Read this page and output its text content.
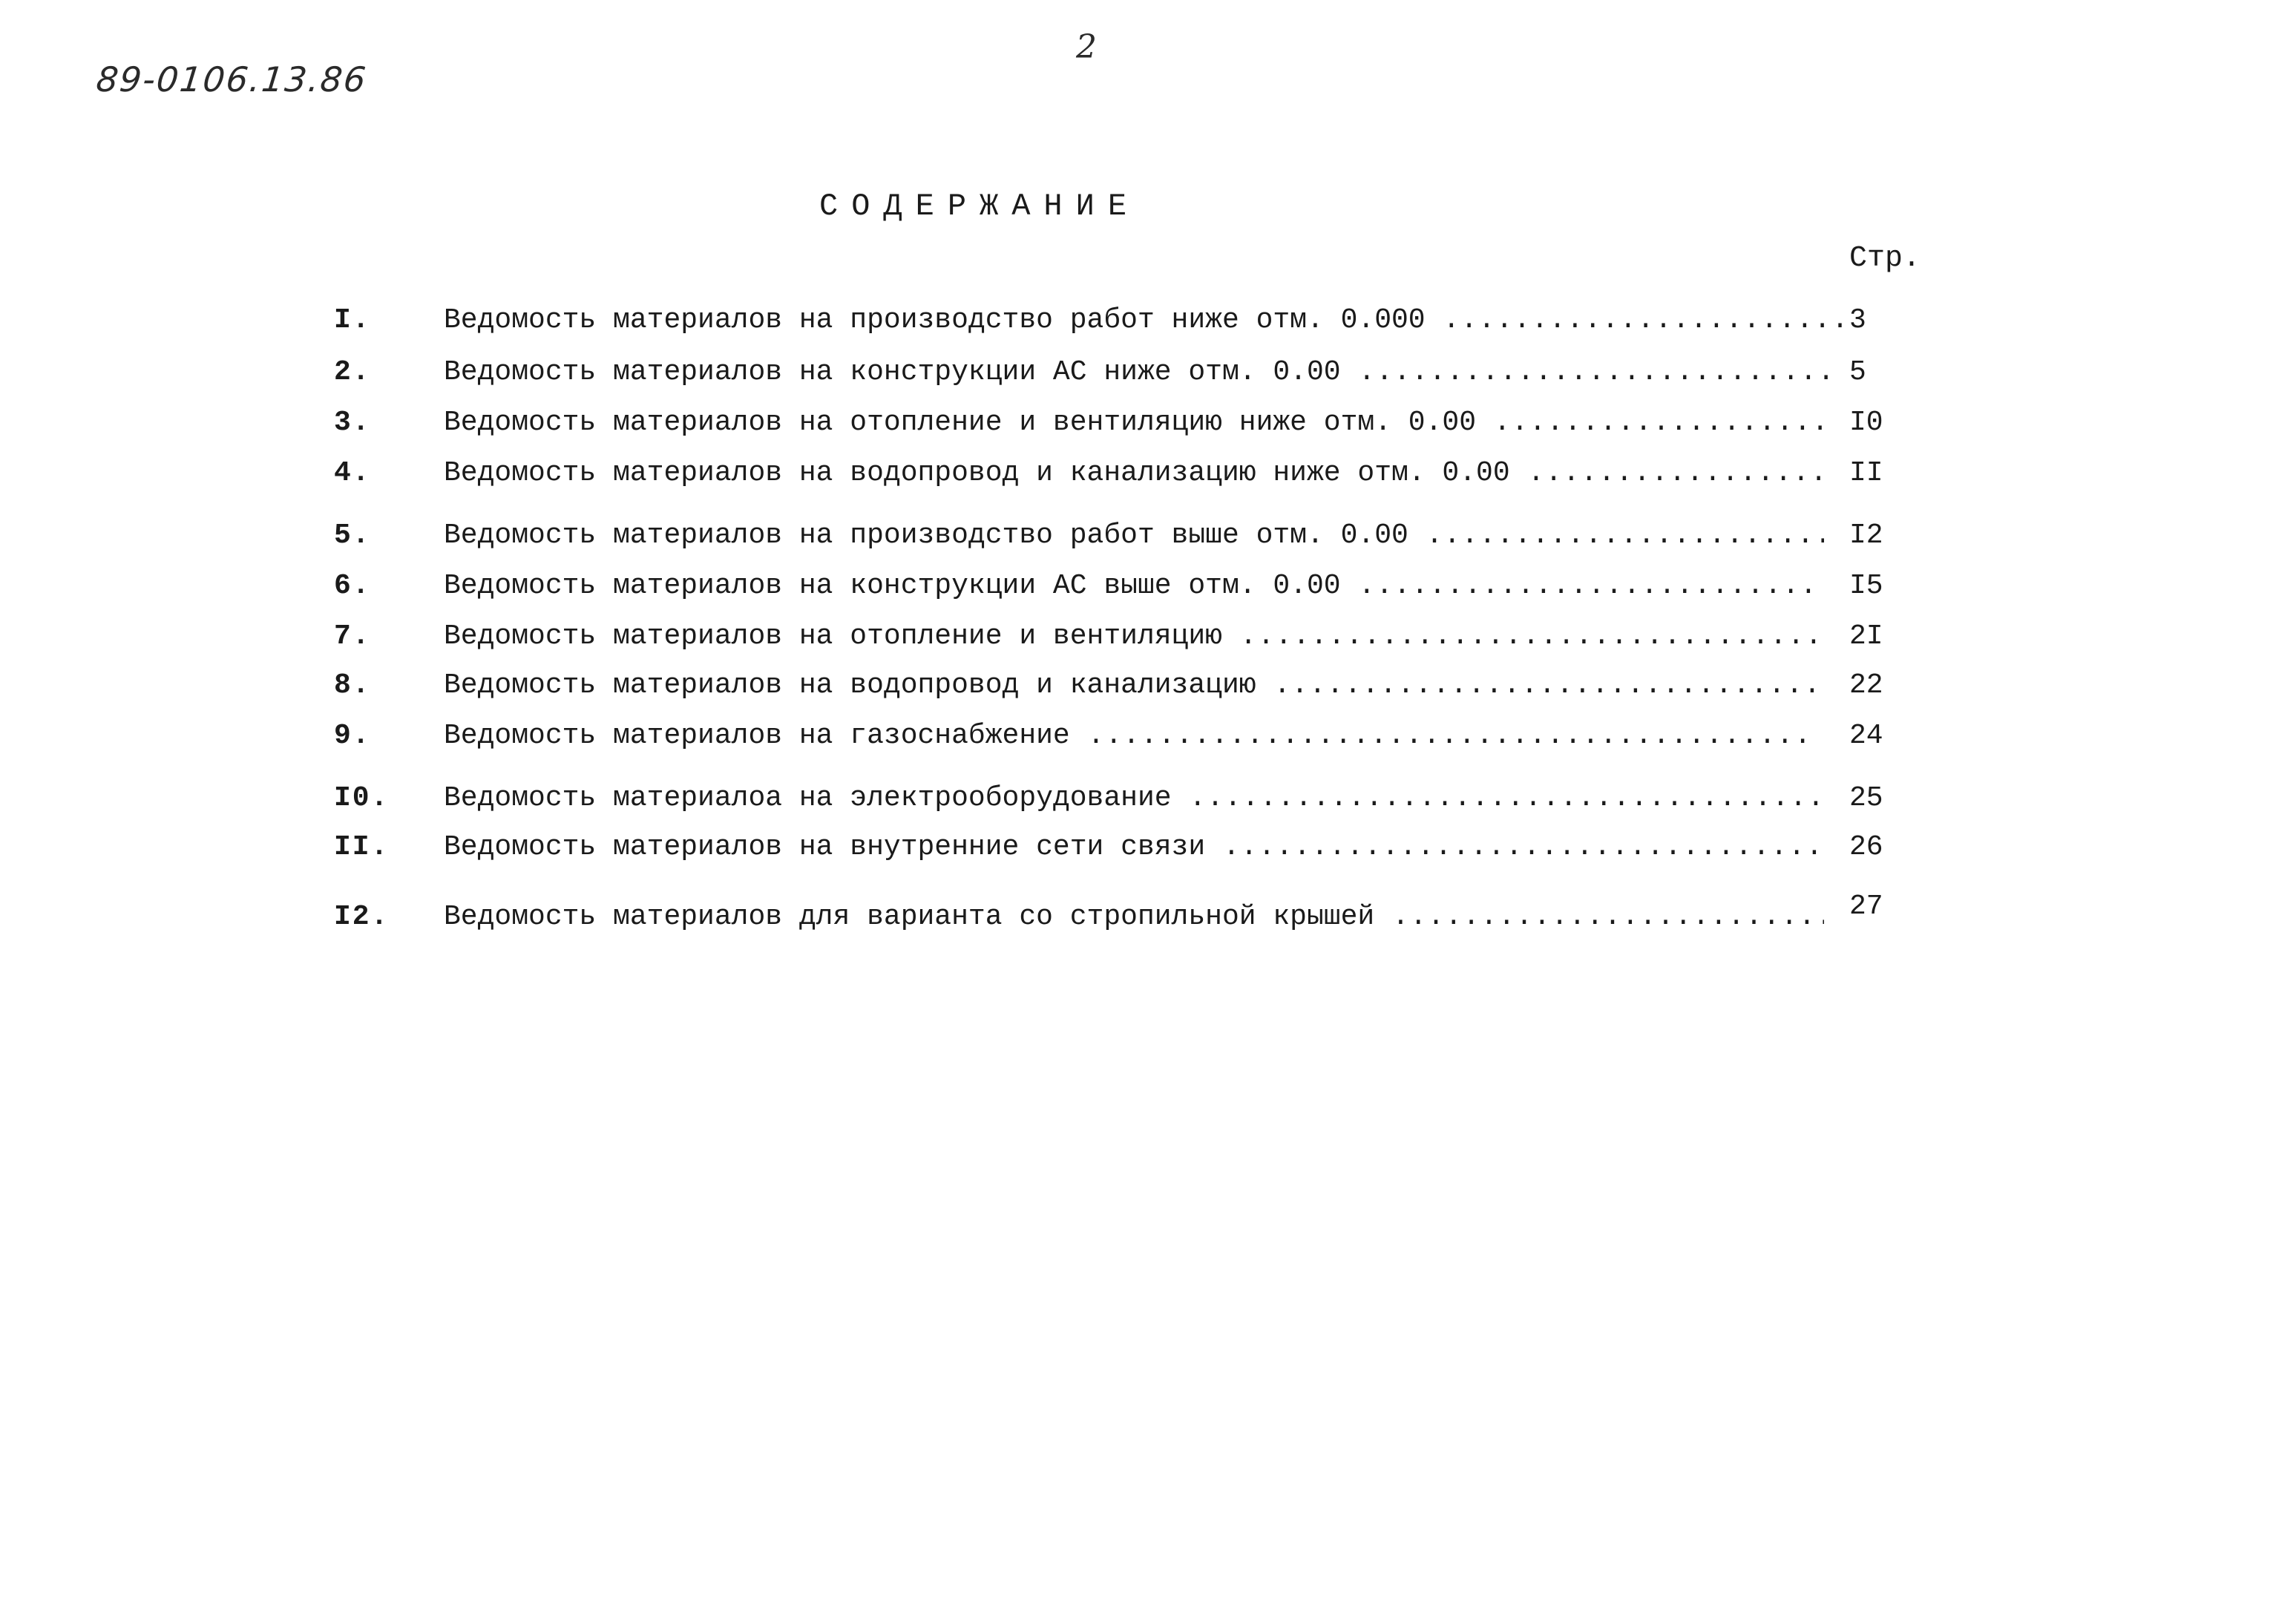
89-0106.13.86
2
СОДЕРЖАНИЕ
Стр.
I.	Ведомость материалов на производство работ ниже отм. 0.000 .....	3
2.	Ведомость материалов на конструкции АС ниже отм. 0.00 .....	5
3.	Ведомость материалов на отопление и вентиляцию ниже отм. 0.00 .....	I0
4.	Ведомость материалов на водопровод и канализацию ниже отм. 0.00 .....	II
5.	Ведомость материалов на производство работ выше отм. 0.00 .....	I2
6.	Ведомость материалов на конструкции АС выше отм. 0.00 .....	I5
7.	Ведомость материалов на отопление и вентиляцию .....	2I
8.	Ведомость материалов на водопровод и канализацию .....	22
9.	Ведомость материалов на газоснабжение .....	24
I0. Ведомость материалоа на электрооборудование .....	25
II. Ведомость материалов на внутренние сети связи .....	26
I2. Ведомость материалов для варианта со стропильной крышей .....	27
